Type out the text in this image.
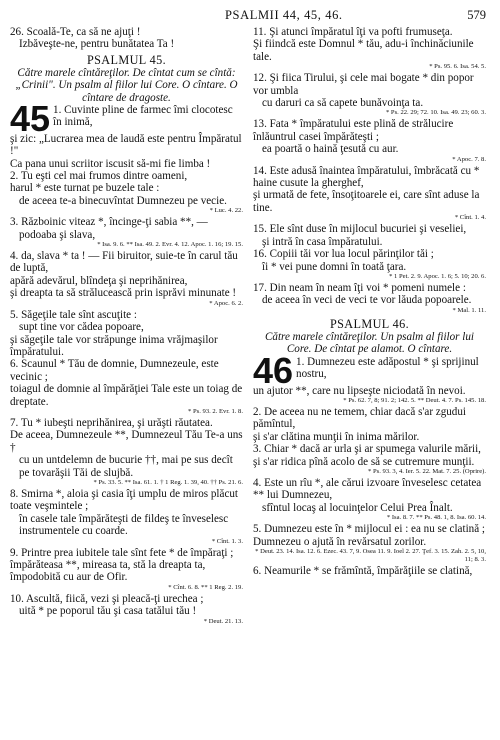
PSALMII 44, 45, 46.	579
26. Scoală-Te, ca să ne ajuţi !
Izbăveşte-ne, pentru bunătatea Ta !
PSALMUL 45.
Către marele cîntăreţilor. De cîntat cum se cîntă: „Crinii". Un psalm al fiilor lui Core. O cîntare. O cîntare de dragoste.
45 1. Cuvinte pline de farmec îmi clocotesc în inimă,
şi zic: „Lucrarea mea de laudă este pentru Împăratul !"
Ca pana unui scriitor iscusit să-mi fie limba !
2. Tu eşti cel mai frumos dintre oameni,
harul * este turnat pe buzele tale :
de aceea te-a binecuvîntat Dumnezeu pe vecie.
* Luc. 4. 22.
3. Războinic viteaz *, încinge-ţi sabia **, —
podoaba şi slava,
* Isa. 9. 6. ** Isa. 49. 2. Evr. 4. 12. Apoc. 1. 16; 19. 15.
4. da, slava * ta ! — Fii biruitor, suie-te în carul tău de luptă,
apără adevărul, blîndeţa şi neprihănirea,
şi dreapta ta să strălucească prin isprăvi minunate !
* Apoc. 6. 2.
5. Săgeţile tale sînt ascuţite :
supt tine vor cădea popoare,
şi săgeţile tale vor străpunge inima vrăjmaşilor împăratului.
6. Scaunul * Tău de domnie, Dumnezeule, este vecinic ;
toiagul de domnie al împărăţiei Tale este un toiag de dreptate.
* Ps. 93. 2. Evr. 1. 8.
7. Tu * iubeşti neprihănirea, şi urăşti răutatea.
De aceea, Dumnezeule **, Dumnezeul Tău Te-a uns †
cu un untdelemn de bucurie ††, mai pe sus decît pe tovarăşii Tăi de slujbă.
* Ps. 33. 5. ** Isa. 61. 1. † 1 Reg. 1. 39, 40. †† Ps. 21. 6.
8. Smirna *, aloia şi casia îţi umplu de miros plăcut toate veşmintele ;
în casele tale împărăteşti de fildeş te înveselesc instrumentele cu coarde.
* Cînt. 1. 3.
9. Printre prea iubitele tale sînt fete * de împăraţi ;
împărăteasa **, mireasa ta, stă la dreapta ta, împodobită cu aur de Ofir.
* Cînt. 6. 8. ** 1 Reg. 2. 19.
10. Ascultă, fiică, vezi şi pleacă-ţi urechea ;
uită * pe poporul tău şi casa tatălui tău !
* Deut. 21. 13.
11. Şi atunci împăratul îţi va pofti frumuseţa.
Şi fiindcă este Domnul * tău, adu-i închinăciunile tale.
* Ps. 95. 6. Isa. 54. 5.
12. Şi fiica Tirului, şi cele mai bogate * din popor vor umbla
cu daruri ca să capete bunăvoinţa ta.
* Ps. 22. 29; 72. 10. Isa. 49. 23; 60. 3.
13. Fata * împăratului este plină de strălucire înlăuntrul casei împărăteşti ;
ea poartă o haină ţesută cu aur.
* Apoc. 7. 8.
14. Este adusă înaintea împăratului, îmbrăcată cu * haine cusute la gherghef,
şi urmată de fete, însoţitoarele ei, care sînt aduse la tine.
* Cînt. 1. 4.
15. Ele sînt duse în mijlocul bucuriei şi veseliei,
şi intră în casa împăratului.
16. Copiii tăi vor lua locul părinţilor tăi ;
îi * vei pune domni în toată ţara.
* 1 Pet. 2. 9. Apoc. 1. 6; 5. 10; 20. 6.
17. Din neam în neam îţi voi * pomeni numele :
de aceea în veci de veci te vor lăuda popoarele.
* Mal. 1. 11.
PSALMUL 46.
Către marele cîntăreţilor. Un psalm al fiilor lui Core. De cîntat pe alamot. O cîntare.
46 1. Dumnezeu este adăpostul * şi sprijinul nostru,
un ajutor **, care nu lipseşte niciodată în nevoi.
* Ps. 62. 7, 8; 91. 2; 142. 5. ** Deut. 4. 7. Ps. 145. 18.
2. De aceea nu ne temem, chiar dacă s'ar zgudui pămîntul,
şi s'ar clătina munţii în inima mărilor.
3. Chiar * dacă ar urla şi ar spumega valurile mării,
şi s'ar ridica pînă acolo de să se cutremure munţii.
* Ps. 93. 3, 4. Ier. 5. 22. Mat. 7. 25. (Oprire).
4. Este un rîu *, ale cărui izvoare înveselesc cetatea ** lui Dumnezeu,
sfîntul locaş al locuinţelor Celui Prea Înalt.
* Isa. 8. 7. ** Ps. 48. 1, 8. Isa. 60. 14.
5. Dumnezeu este în * mijlocul ei : ea nu se clatină ;
Dumnezeu o ajută în revărsatul zorilor.
* Deut. 23. 14. Isa. 12. 6. Ezec. 43. 7, 9. Osea 11. 9. Ioel 2. 27. Ţef. 3. 15. Zah. 2. 5, 10, 11; 8. 3.
6. Neamurile * se frămîntă, împărăţiile se clatină,
